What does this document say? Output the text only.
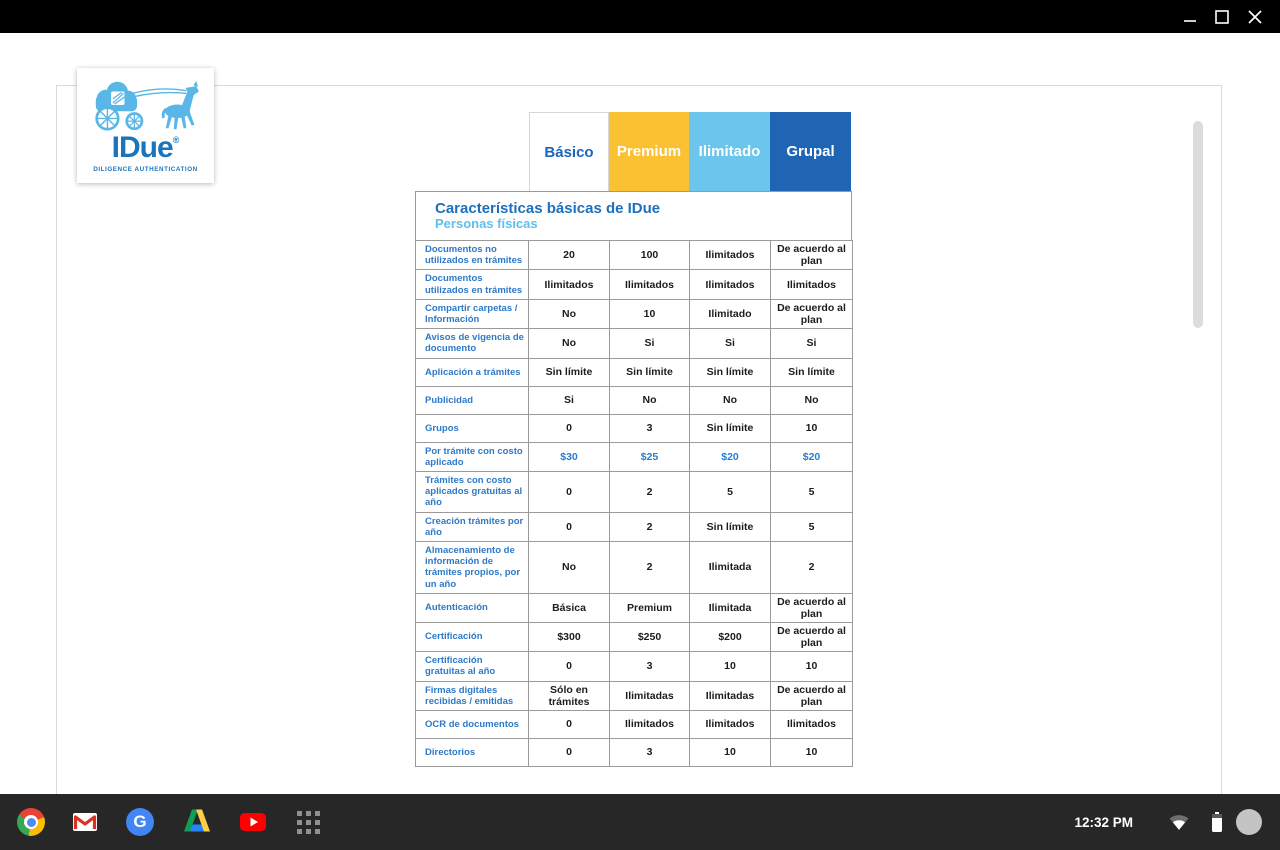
IDue®
DILIGENCE AUTHENTICATION
Básico	Premium	Ilimitado	Grupal
Características básicas de IDue
Personas físicas
Documentos no utilizados en trámites	20	100	Ilimitados	De acuerdo al plan
Documentos utilizados en trámites	Ilimitados	Ilimitados	Ilimitados	Ilimitados
Compartir carpetas / Información	No	10	Ilimitado	De acuerdo al plan
Avisos de vigencia de documento	No	Si	Si	Si
Aplicación a trámites	Sin límite	Sin límite	Sin límite	Sin límite
Publicidad	Si	No	No	No
Grupos	0	3	Sin límite	10
Por trámite con costo aplicado	$30	$25	$20	$20
Trámites con costo aplicados gratuitas al año	0	2	5	5
Creación trámites por año	0	2	Sin límite	5
Almacenamiento de información de trámites propios, por un año	No	2	Ilimitada	2
Autenticación	Básica	Premium	Ilimitada	De acuerdo al plan
Certificación	$300	$250	$200	De acuerdo al plan
Certificación gratuitas al año	0	3	10	10
Firmas digitales recibidas / emitidas	Sólo en trámites	Ilimitadas	Ilimitadas	De acuerdo al plan
OCR de documentos	0	Ilimitados	Ilimitados	Ilimitados
Directorios	0	3	10	10
G	12:32 PM
